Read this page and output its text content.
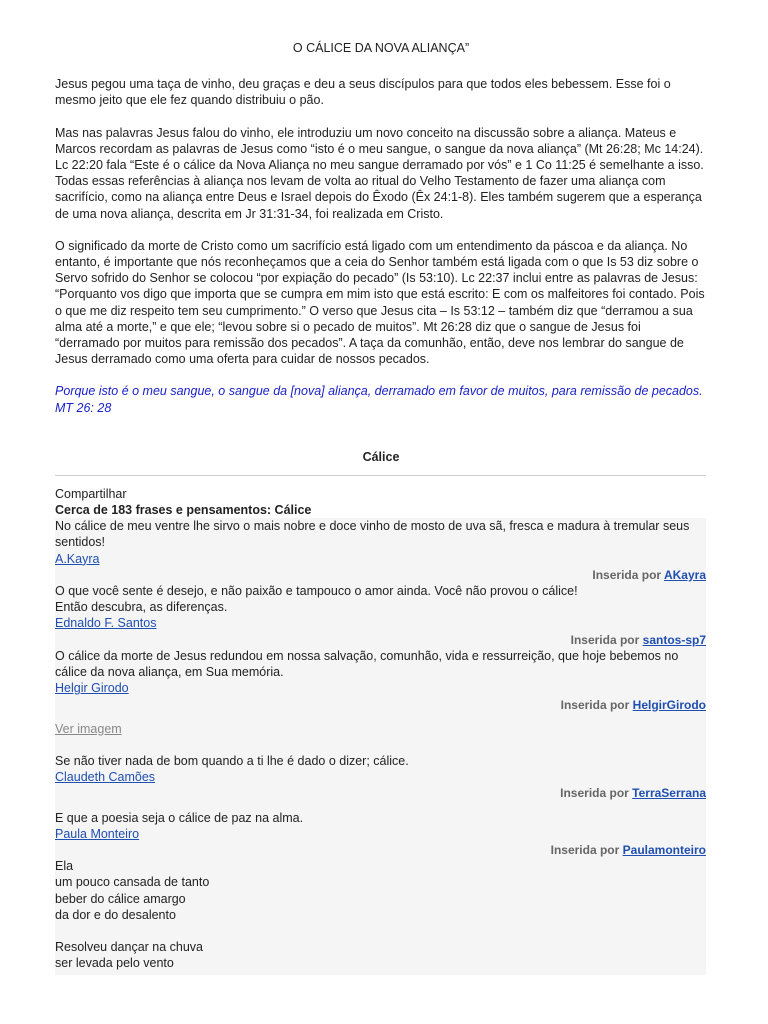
O CÁLICE DA NOVA ALIANÇA”

Jesus pegou uma taça de vinho, deu graças e deu a seus discípulos para que todos eles bebessem. Esse foi o mesmo jeito que ele fez quando distribuiu o pão.

Mas nas palavras Jesus falou do vinho, ele introduziu um novo conceito na discussão sobre a aliança. Mateus e Marcos recordam as palavras de Jesus como “isto é o meu sangue, o sangue da nova aliança” (Mt 26:28; Mc 14:24). Lc 22:20 fala “Este é o cálice da Nova Aliança no meu sangue derramado por vós” e 1 Co 11:25 é semelhante a isso. Todas essas referências à aliança nos levam de volta ao ritual do Velho Testamento de fazer uma aliança com sacrifício, como na aliança entre Deus e Israel depois do Êxodo (Êx 24:1-8). Eles também sugerem que a esperança de uma nova aliança, descrita em Jr 31:31-34, foi realizada em Cristo.

O significado da morte de Cristo como um sacrifício está ligado com um entendimento da páscoa e da aliança. No entanto, é importante que nós reconheçamos que a ceia do Senhor também está ligada com o que Is 53 diz sobre o Servo sofrido do Senhor se colocou “por expiação do pecado” (Is 53:10). Lc 22:37 inclui entre as palavras de Jesus: “Porquanto vos digo que importa que se cumpra em mim isto que está escrito: E com os malfeitores foi contado. Pois o que me diz respeito tem seu cumprimento.” O verso que Jesus cita – Is 53:12 – também diz que “derramou a sua alma até a morte,” e que ele; “levou sobre si o pecado de muitos”. Mt 26:28 diz que o sangue de Jesus foi “derramado por muitos para remissão dos pecados”. A taça da comunhão, então, deve nos lembrar do sangue de Jesus derramado como uma oferta para cuidar de nossos pecados.

Porque isto é o meu sangue, o sangue da [nova] aliança, derramado em favor de muitos, para remissão de pecados. MT 26: 28
Cálice
Compartilhar
Cerca de 183 frases e pensamentos: Cálice
No cálice de meu ventre lhe sirvo o mais nobre e doce vinho de mosto de uva sã, fresca e madura à tremular seus sentidos!
A.Kayra
Inserida por AKayra
O que você sente é desejo, e não paixão e tampouco o amor ainda. Você não provou o cálice!
Então descubra, as diferenças.
Ednaldo F. Santos
Inserida por santos-sp7
O cálice da morte de Jesus redundou em nossa salvação, comunhão, vida e ressurreição, que hoje bebemos no cálice da nova aliança, em Sua memória.
Helgir Girodo
Inserida por HelgirGirodo
Ver imagem
Se não tiver nada de bom quando a ti lhe é dado o dizer; cálice.
Claudeth Camões
Inserida por TerraSerrana
E que a poesia seja o cálice de paz na alma.
Paula Monteiro
Inserida por Paulamonteiro
Ela
um pouco cansada de tanto
beber do cálice amargo
da dor e do desalento
Resolveu dançar na chuva
ser levada pelo vento
